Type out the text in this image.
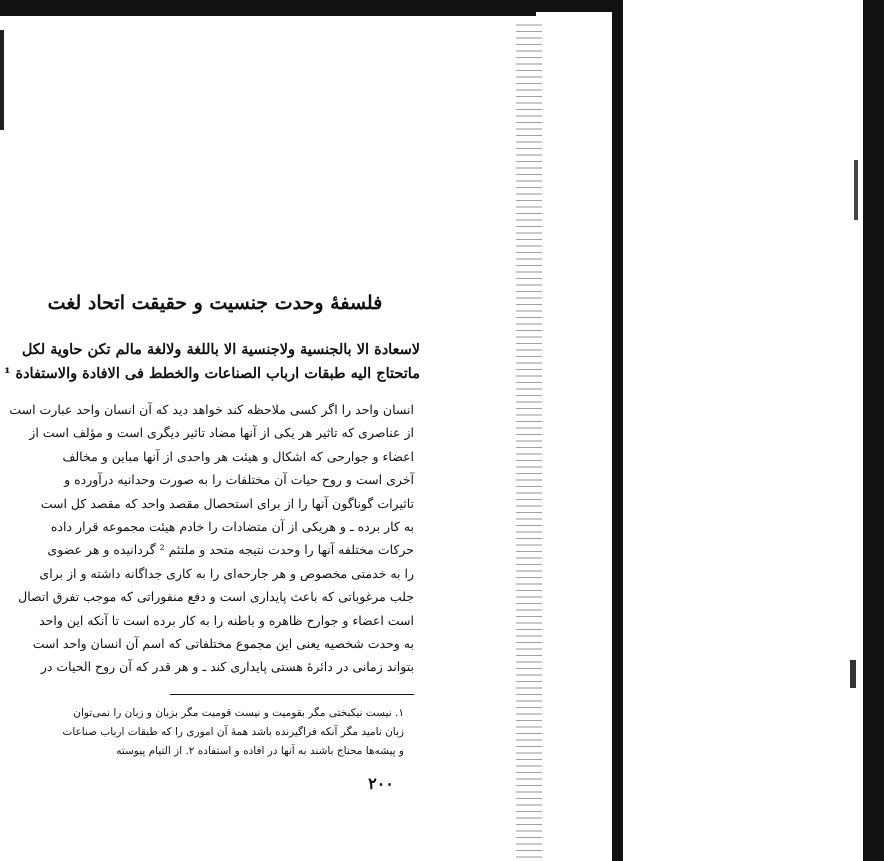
فلسفهٔ وحدت جنسیت و حقیقت اتحاد لغت
لاسعادة الا بالجنسية ولاجنسية الا باللغة ولالغة مالم تكن حاوية لكل
ماتحتاج اليه طبقات ارباب الصناعات والخطط فى الافادة والاستفادة ¹
انسان واحد را اگر کسی ملاحظه کند خواهد دید که آن انسان واحد عبارت است
از عناصری که تاثیر هر یکی از آنها مضاد تاثیر دیگری است و مؤلف است از
اعضاء و جوارحی که اشکال و هیئت هر واحدی از آنها مباین و مخالف
آخری است و روح حیات آن مختلفات را به صورت وحدانیه درآورده و
تاثیرات گوناگون آنها را از برای استحصال مقصد واحد که مقصد کل است
به کار برده ـ و هریکی از آن متضادات را خادم هیئت مجموعه قرار داده
حرکات مختلفه آنها را وحدت نتیجه متحد و ملتئم ² گردانیده و هر عضوی
را به خدمتی مخصوص و هر جارحه‌ای را به کاری جداگانه داشته و از برای
جلب مرغوباتی که باعث پایداری است و دفع منفوراتی که موجب تفرق اتصال
است اعضاء و جوارح ظاهره و باطنه را به کار برده است تا آنکه این واحد
به وحدت شخصیه یعنی این مجموع مختلفاتی که اسم آن انسان واحد است
بتواند زمانی در دائرهٔ هستی پایداری کند ـ و هر قدر که آن روح الحیات در
۱. نیست نیکبختی مگر بقومیت و نیست قومیت مگر بزبان و زبان را نمی‌توان
زبان نامید مگر آنکه فراگیرنده باشد همهٔ آن اموری را که طبقات ارباب صناعات
و پیشه‌ها محتاج باشند به آنها در افاده و استفاده ۲. از التیام پیوسته
۲۰۰
